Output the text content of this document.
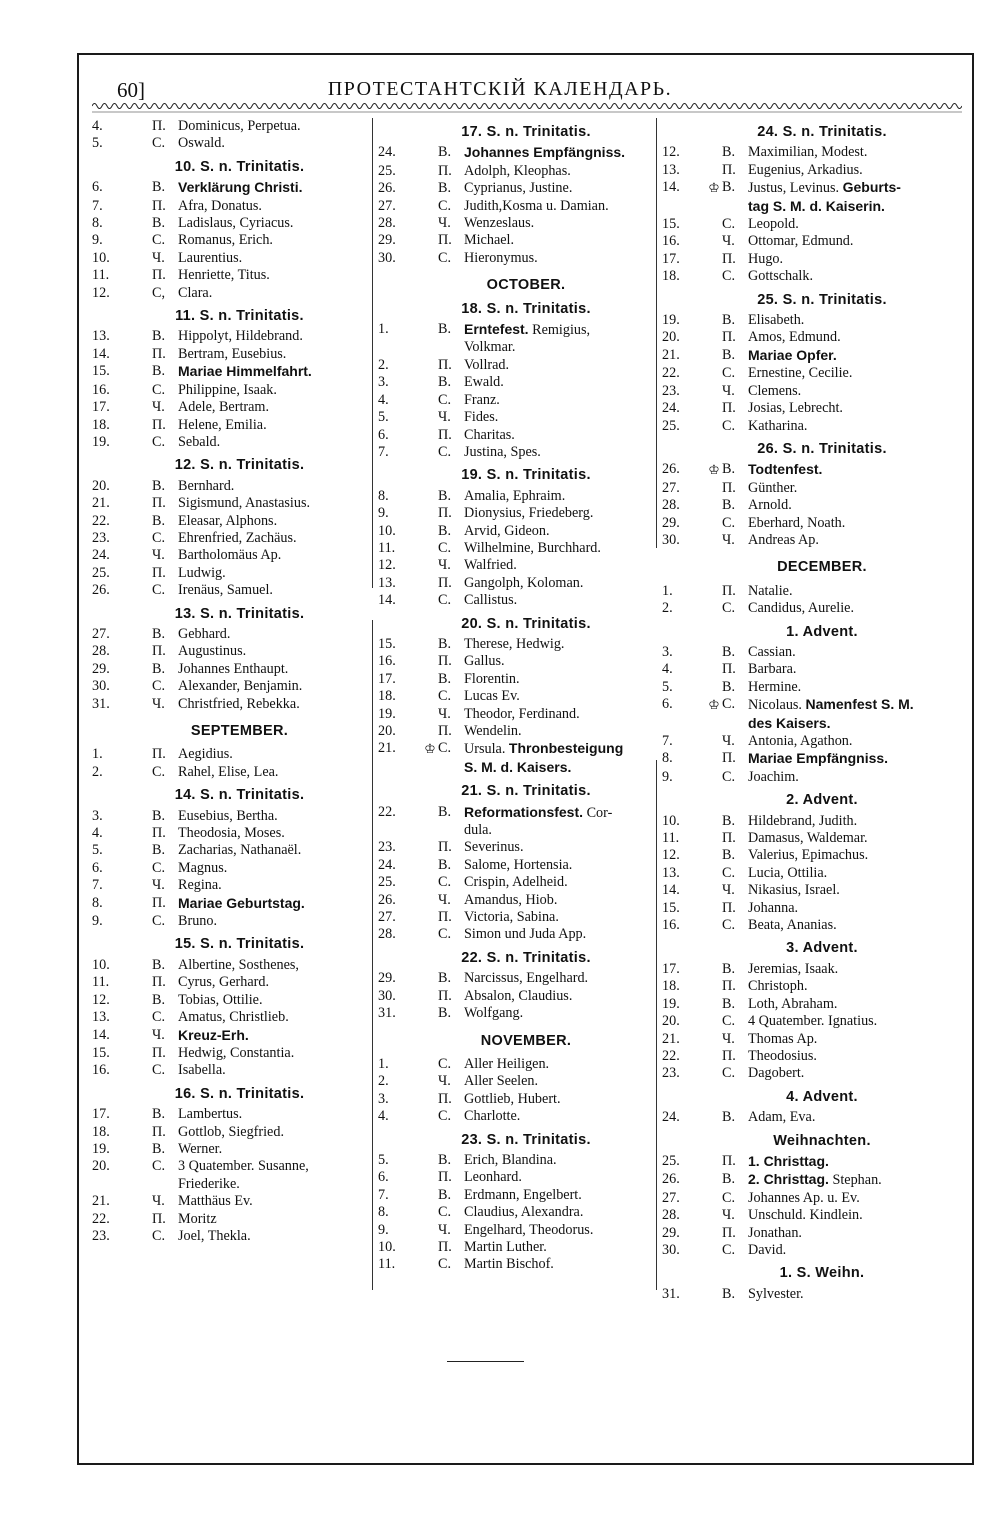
60]	ПРОТЕСТАНТСКIЙ КАЛЕНДАРЬ.
4.	П. Dominicus, Perpetua.
5.	С. Oswald.
10. S. n. Trinitatis.
6.	В. Verklärung Christi.
7.	П. Afra, Donatus.
8.	В. Ladislaus, Cyriacus.
9.	С. Romanus, Erich.
10.	Ч. Laurentius.
11.	П. Henriette, Titus.
12.	С, Clara.
11. S. n. Trinitatis.
13.	В. Hippolyt, Hildebrand.
14.	П. Bertram, Eusebius.
15.	В. Mariae Himmelfahrt.
16.	С. Philippine, Isaak.
17.	Ч. Adele, Bertram.
18.	П. Helene, Emilia.
19.	С. Sebald.
12. S. n. Trinitatis.
20.	В. Bernhard.
21.	П. Sigismund, Anastasius.
22.	В. Eleasar, Alphons.
23.	С. Ehrenfried, Zachäus.
24.	Ч. Bartholomäus Ap.
25.	П. Ludwig.
26.	С. Irenäus, Samuel.
13. S. n. Trinitatis.
27.	В. Gebhard.
28.	П. Augustinus.
29.	В. Johannes Enthaupt.
30.	С. Alexander, Benjamin.
31.	Ч. Christfried, Rebekka.
SEPTEMBER.
1.	П. Aegidius.
2.	С. Rahel, Elise, Lea.
14. S. n. Trinitatis.
3.	В. Eusebius, Bertha.
4.	П. Theodosia, Moses.
5.	В. Zacharias, Nathanaël.
6.	С. Magnus.
7.	Ч. Regina.
8.	П. Mariae Geburtstag.
9.	С. Bruno.
15. S. n. Trinitatis.
10.	В. Albertine, Sosthenes,
11.	П. Cyrus, Gerhard.
12.	В. Tobias, Ottilie.
13.	С. Amatus, Christlieb.
14.	Ч. Kreuz-Erh.
15.	П. Hedwig, Constantia.
16.	С. Isabella.
16. S. n. Trinitatis.
17.	В. Lambertus.
18.	П. Gottlob, Siegfried.
19.	В. Werner.
20.	С. 3 Quatember. Susanne,
Friederike.
21.	Ч. Matthäus Ev.
22.	П. Moritz
23.	С. Joel, Thekla.
17. S. n. Trinitatis.
24.	В. Johannes Empfängniss.
25.	П. Adolph, Kleophas.
26.	В. Cyprianus, Justine.
27.	С. Judith,Kosma u. Damian.
28.	Ч. Wenzeslaus.
29.	П. Michael.
30.	С. Hieronymus.
OCTOBER.
18. S. n. Trinitatis.
1.	В. Erntefest. Remigius,
Volkmar.
2.	П. Vollrad.
3.	В. Ewald.
4.	С. Franz.
5.	Ч. Fides.
6.	П. Charitas.
7.	С. Justina, Spes.
19. S. n. Trinitatis.
8.	В. Amalia, Ephraim.
9.	П. Dionysius, Friedeberg.
10.	В. Arvid, Gideon.
11.	С. Wilhelmine, Burchhard.
12.	Ч. Walfried.
13.	П. Gangolph, Koloman.
14.	С. Callistus.
20. S. n. Trinitatis.
15.	В. Therese, Hedwig.
16.	П. Gallus.
17.	В. Florentin.
18.	С. Lucas Ev.
19.	Ч. Theodor, Ferdinand.
20.	П. Wendelin.
21.	♔ С. Ursula. Thronbesteigung
S. M. d. Kaisers.
21. S. n. Trinitatis.
22.	В. Reformationsfest. Cor-
dula.
23.	П. Severinus.
24.	В. Salome, Hortensia.
25.	С. Crispin, Adelheid.
26.	Ч. Amandus, Hiob.
27.	П. Victoria, Sabina.
28.	С. Simon und Juda App.
22. S. n. Trinitatis.
29.	В. Narcissus, Engelhard.
30.	П. Absalon, Claudius.
31.	В. Wolfgang.
NOVEMBER.
1.	С. Aller Heiligen.
2.	Ч. Aller Seelen.
3.	П. Gottlieb, Hubert.
4.	С. Charlotte.
23. S. n. Trinitatis.
5.	В. Erich, Blandina.
6.	П. Leonhard.
7.	В. Erdmann, Engelbert.
8.	С. Claudius, Alexandra.
9.	Ч. Engelhard, Theodorus.
10.	П. Martin Luther.
11.	С. Martin Bischof.
24. S. n. Trinitatis.
12.	В. Maximilian, Modest.
13.	П. Eugenius, Arkadius.
14.	♔ В. Justus, Levinus. Geburts-
tag S. M. d. Kaiserin.
15.	С. Leopold.
16.	Ч. Ottomar, Edmund.
17.	П. Hugo.
18.	С. Gottschalk.
25. S. n. Trinitatis.
19.	В. Elisabeth.
20.	П. Amos, Edmund.
21.	В. Mariae Opfer.
22.	С. Ernestine, Cecilie.
23.	Ч. Clemens.
24.	П. Josias, Lebrecht.
25.	С. Katharina.
26. S. n. Trinitatis.
26.	♔ В. Todtenfest.
27.	П. Günther.
28.	В. Arnold.
29.	С. Eberhard, Noath.
30.	Ч. Andreas Ap.
DECEMBER.
1.	П. Natalie.
2.	С. Candidus, Aurelie.
1. Advent.
3.	В. Cassian.
4.	П. Barbara.
5.	В. Hermine.
6.	♔ С. Nicolaus. Namenfest S. M.
des Kaisers.
7.	Ч. Antonia, Agathon.
8.	П. Mariae Empfängniss.
9.	С. Joachim.
2. Advent.
10.	В. Hildebrand, Judith.
11.	П. Damasus, Waldemar.
12.	В. Valerius, Epimachus.
13.	С. Lucia, Ottilia.
14.	Ч. Nikasius, Israel.
15.	П. Johanna.
16.	С. Beata, Ananias.
3. Advent.
17.	В. Jeremias, Isaak.
18.	П. Christoph.
19.	В. Loth, Abraham.
20.	С. 4 Quatember. Ignatius.
21.	Ч. Thomas Ap.
22.	П. Theodosius.
23.	С. Dagobert.
4. Advent.
24.	В. Adam, Eva.
Weihnachten.
25.	П. 1. Christtag.
26.	В. 2. Christtag. Stephan.
27.	С. Johannes Ap. u. Ev.
28.	Ч. Unschuld. Kindlein.
29.	П. Jonathan.
30.	С. David.
1. S. Weihn.
31.	В. Sylvester.
